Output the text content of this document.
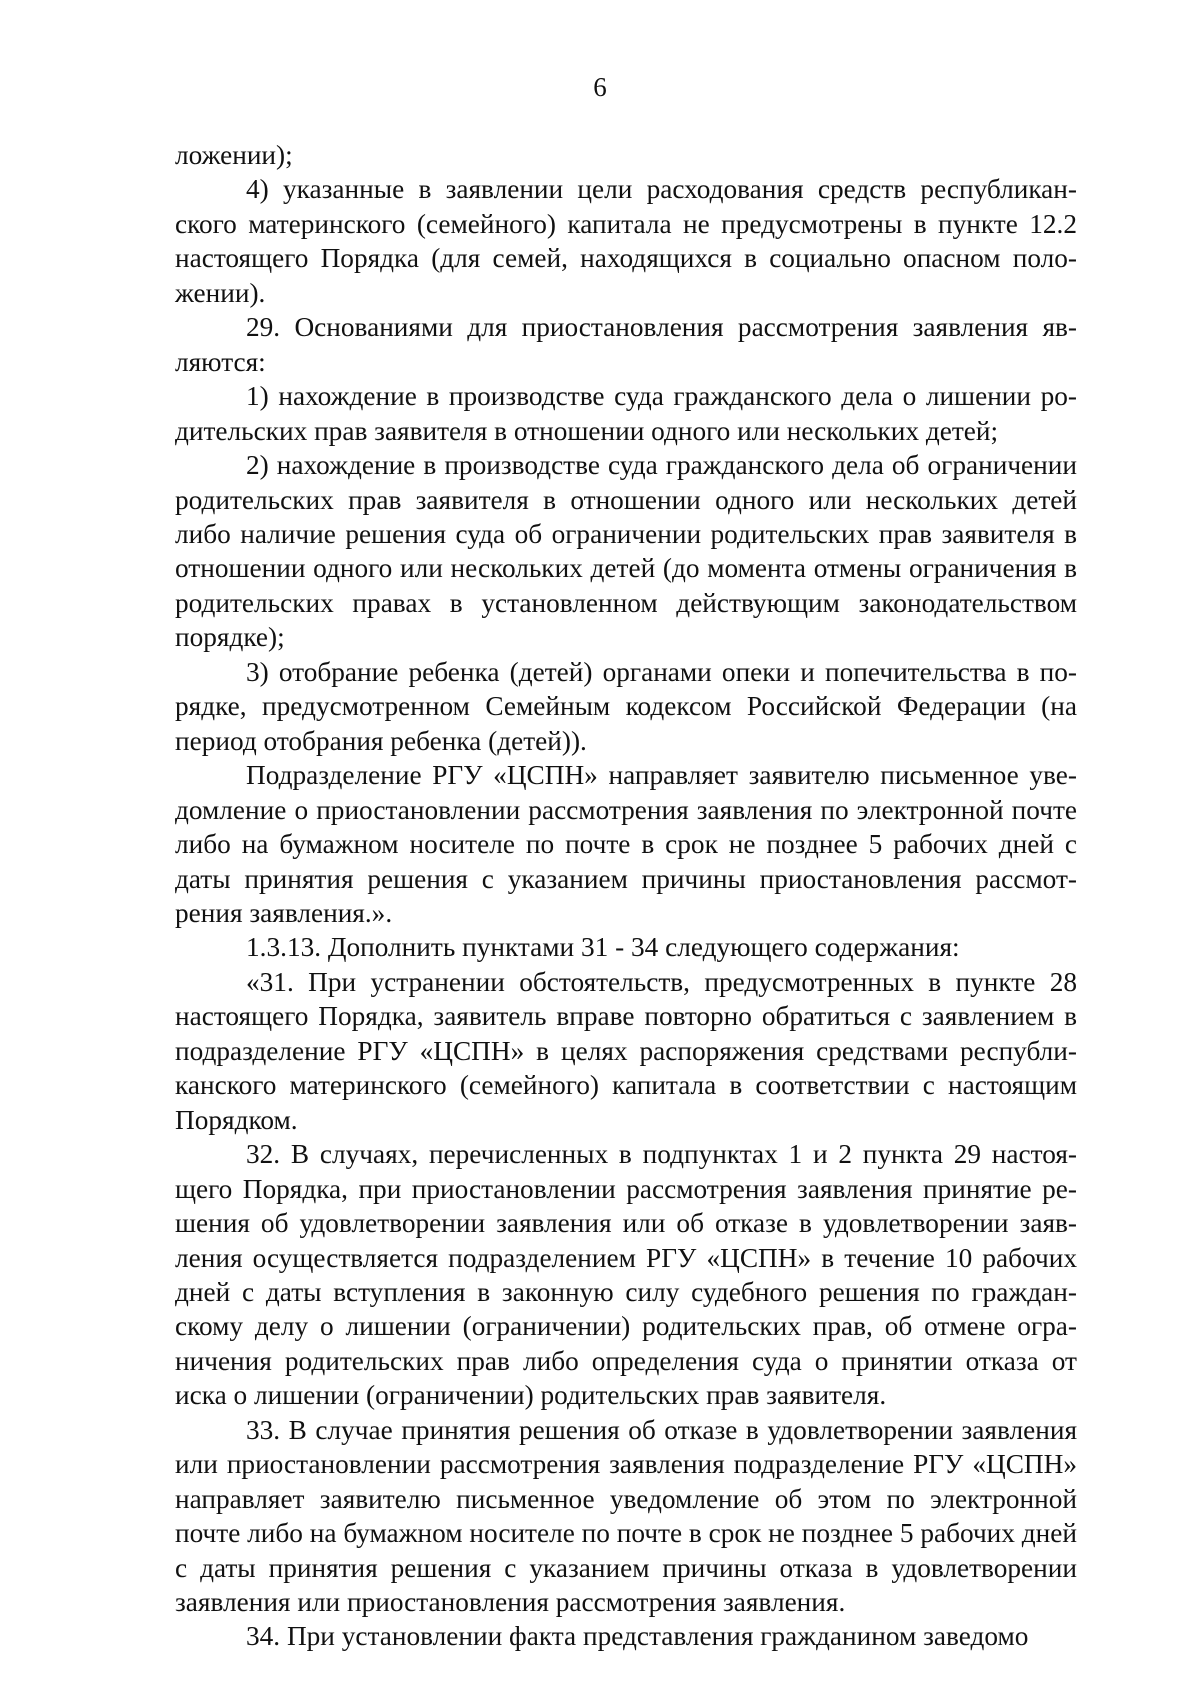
6

ложении);

4) указанные в заявлении цели расходования средств республиканского материнского (семейного) капитала не предусмотрены в пункте 12.2 настоящего Порядка (для семей, находящихся в социально опасном положении).

29. Основаниями для приостановления рассмотрения заявления являются:

1) нахождение в производстве суда гражданского дела о лишении родительских прав заявителя в отношении одного или нескольких детей;

2) нахождение в производстве суда гражданского дела об ограничении родительских прав заявителя в отношении одного или нескольких детей либо наличие решения суда об ограничении родительских прав заявителя в отношении одного или нескольких детей (до момента отмены ограничения в родительских правах в установленном действующим законодательством порядке);

3) отобрание ребенка (детей) органами опеки и попечительства в порядке, предусмотренном Семейным кодексом Российской Федерации (на период отобрания ребенка (детей)).

Подразделение РГУ «ЦСПН» направляет заявителю письменное уведомление о приостановлении рассмотрения заявления по электронной почте либо на бумажном носителе по почте в срок не позднее 5 рабочих дней с даты принятия решения с указанием причины приостановления рассмотрения заявления.».

1.3.13. Дополнить пунктами 31 - 34 следующего содержания:

«31. При устранении обстоятельств, предусмотренных в пункте 28 настоящего Порядка, заявитель вправе повторно обратиться с заявлением в подразделение РГУ «ЦСПН» в целях распоряжения средствами республиканского материнского (семейного) капитала в соответствии с настоящим Порядком.

32. В случаях, перечисленных в подпунктах 1 и 2 пункта 29 настоящего Порядка, при приостановлении рассмотрения заявления принятие решения об удовлетворении заявления или об отказе в удовлетворении заявления осуществляется подразделением РГУ «ЦСПН» в течение 10 рабочих дней с даты вступления в законную силу судебного решения по гражданскому делу о лишении (ограничении) родительских прав, об отмене ограничения родительских прав либо определения суда о принятии отказа от иска о лишении (ограничении) родительских прав заявителя.

33. В случае принятия решения об отказе в удовлетворении заявления или приостановлении рассмотрения заявления подразделение РГУ «ЦСПН» направляет заявителю письменное уведомление об этом по электронной почте либо на бумажном носителе по почте в срок не позднее 5 рабочих дней с даты принятия решения с указанием причины отказа в удовлетворении заявления или приостановления рассмотрения заявления.

34. При установлении факта представления гражданином заведомо
